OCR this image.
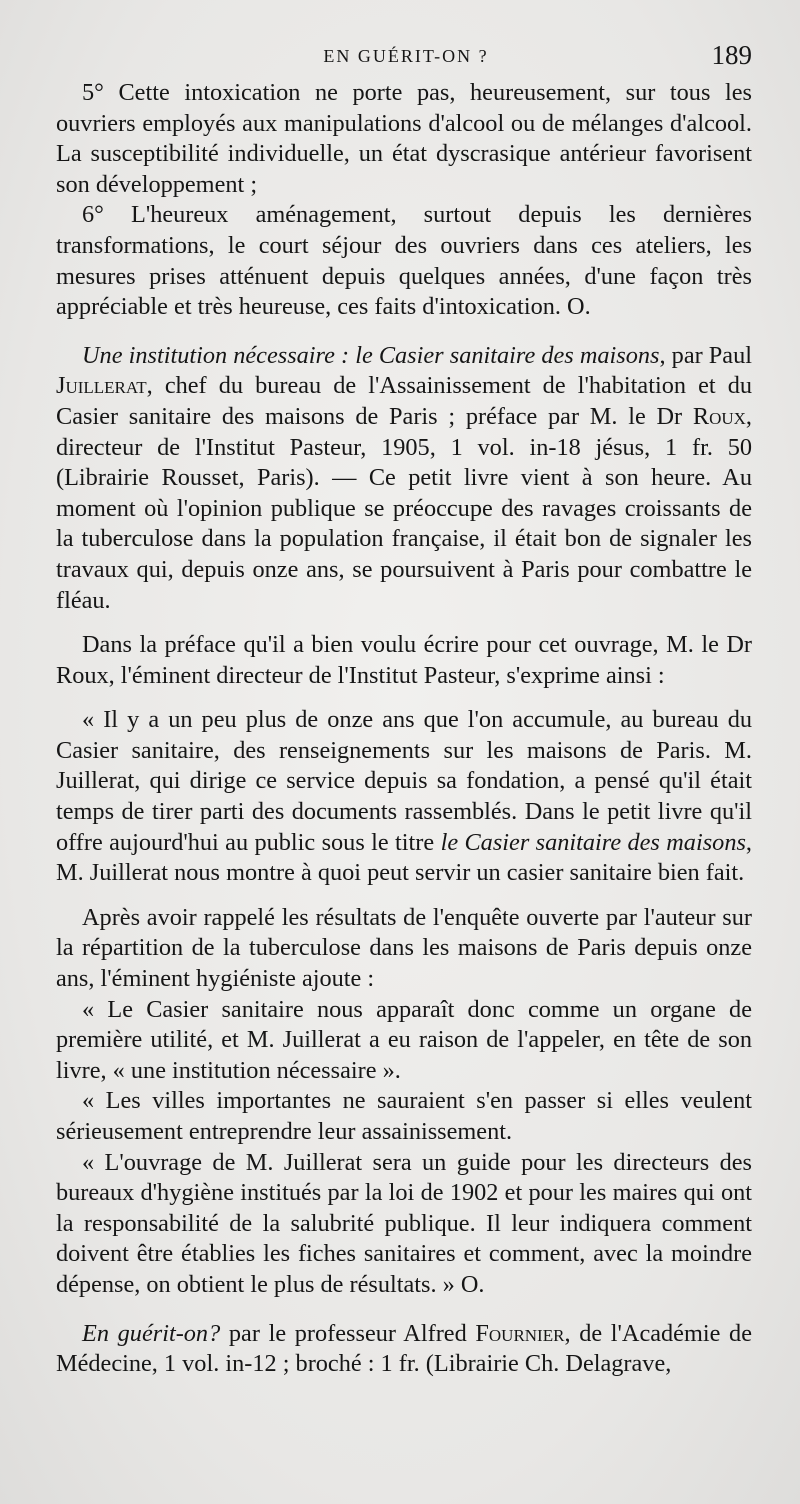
EN GUÉRIT-ON ?	189

5° Cette intoxication ne porte pas, heureusement, sur tous les ouvriers employés aux manipulations d'alcool ou de mélanges d'alcool. La susceptibilité individuelle, un état dyscrasique antérieur favorisent son développement ;

6° L'heureux aménagement, surtout depuis les dernières transformations, le court séjour des ouvriers dans ces ateliers, les mesures prises atténuent depuis quelques années, d'une façon très appréciable et très heureuse, ces faits d'intoxication. O.

Une institution nécessaire : le Casier sanitaire des maisons, par Paul Juillerat, chef du bureau de l'Assainissement de l'habitation et du Casier sanitaire des maisons de Paris ; préface par M. le Dr Roux, directeur de l'Institut Pasteur, 1905, 1 vol. in-18 jésus, 1 fr. 50 (Librairie Rousset, Paris). — Ce petit livre vient à son heure. Au moment où l'opinion publique se préoccupe des ravages croissants de la tuberculose dans la population française, il était bon de signaler les travaux qui, depuis onze ans, se poursuivent à Paris pour combattre le fléau.

Dans la préface qu'il a bien voulu écrire pour cet ouvrage, M. le Dr Roux, l'éminent directeur de l'Institut Pasteur, s'exprime ainsi :

« Il y a un peu plus de onze ans que l'on accumule, au bureau du Casier sanitaire, des renseignements sur les maisons de Paris. M. Juillerat, qui dirige ce service depuis sa fondation, a pensé qu'il était temps de tirer parti des documents rassemblés. Dans le petit livre qu'il offre aujourd'hui au public sous le titre le Casier sanitaire des maisons, M. Juillerat nous montre à quoi peut servir un casier sanitaire bien fait.

Après avoir rappelé les résultats de l'enquête ouverte par l'auteur sur la répartition de la tuberculose dans les maisons de Paris depuis onze ans, l'éminent hygiéniste ajoute :

« Le Casier sanitaire nous apparaît donc comme un organe de première utilité, et M. Juillerat a eu raison de l'appeler, en tête de son livre, « une institution nécessaire ».

« Les villes importantes ne sauraient s'en passer si elles veulent sérieusement entreprendre leur assainissement.

« L'ouvrage de M. Juillerat sera un guide pour les directeurs des bureaux d'hygiène institués par la loi de 1902 et pour les maires qui ont la responsabilité de la salubrité publique. Il leur indiquera comment doivent être établies les fiches sanitaires et comment, avec la moindre dépense, on obtient le plus de résultats. » O.

En guérit-on? par le professeur Alfred Fournier, de l'Académie de Médecine, 1 vol. in-12 ; broché : 1 fr. (Librairie Ch. Delagrave,
